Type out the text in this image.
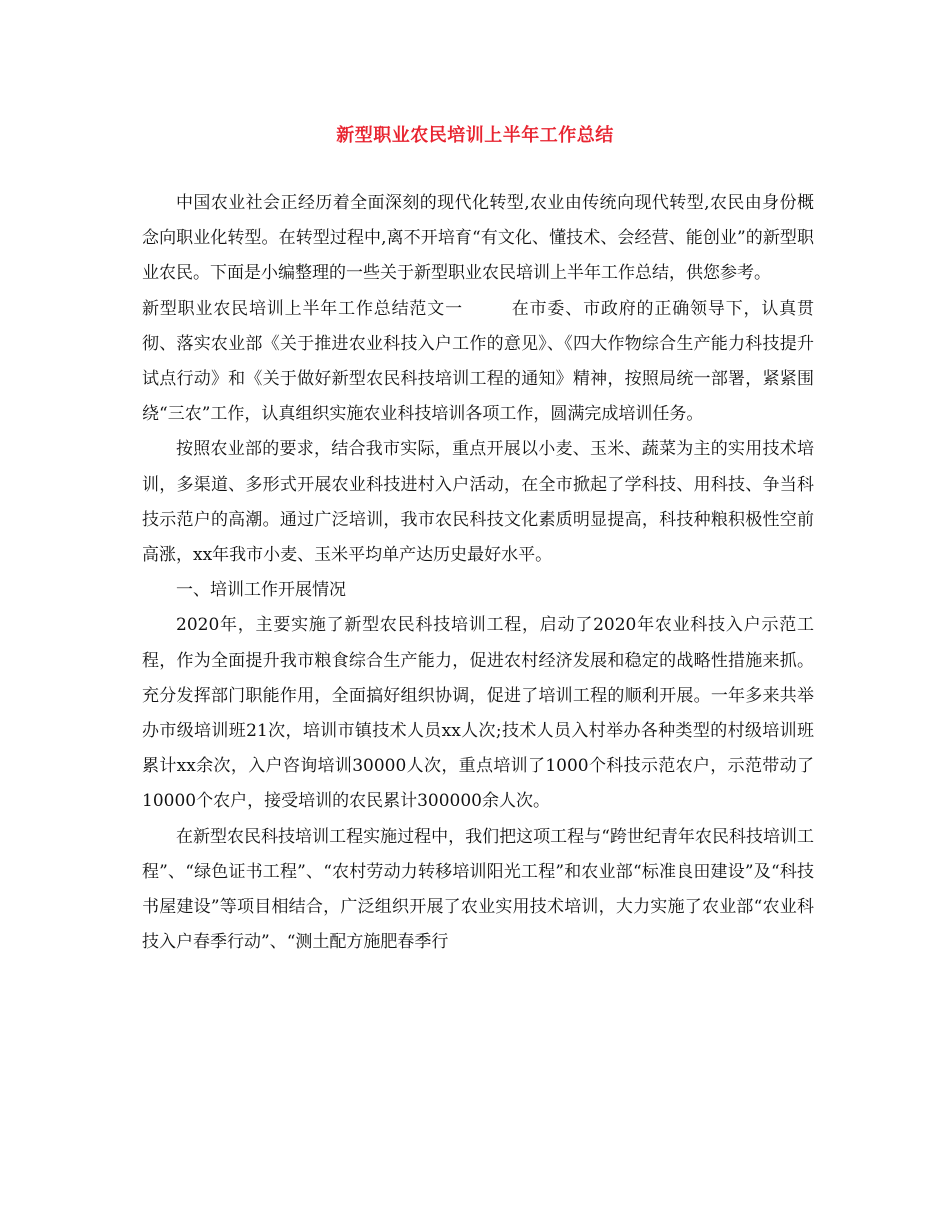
新型职业农民培训上半年工作总结

中国农业社会正经历着全面深刻的现代化转型,农业由传统向现代转型,农民由身份概念向职业化转型。在转型过程中,离不开培育“有文化、懂技术、会经营、能创业”的新型职业农民。下面是小编整理的一些关于新型职业农民培训上半年工作总结，供您参考。

新型职业农民培训上半年工作总结范文一	在市委、市政府的正确领导下，认真贯彻、落实农业部《关于推进农业科技入户工作的意见》、《四大作物综合生产能力科技提升试点行动》和《关于做好新型农民科技培训工程的通知》精神，按照局统一部署，紧紧围绕“三农”工作，认真组织实施农业科技培训各项工作，圆满完成培训任务。

按照农业部的要求，结合我市实际，重点开展以小麦、玉米、蔬菜为主的实用技术培训，多渠道、多形式开展农业科技进村入户活动，在全市掀起了学科技、用科技、争当科技示范户的高潮。通过广泛培训，我市农民科技文化素质明显提高，科技种粮积极性空前高涨，xx年我市小麦、玉米平均单产达历史最好水平。

一、培训工作开展情况

2020年，主要实施了新型农民科技培训工程，启动了2020年农业科技入户示范工程，作为全面提升我市粮食综合生产能力，促进农村经济发展和稳定的战略性措施来抓。充分发挥部门职能作用，全面搞好组织协调，促进了培训工程的顺利开展。一年多来共举办市级培训班21次，培训市镇技术人员xx人次;技术人员入村举办各种类型的村级培训班累计xx余次，入户咨询培训30000人次，重点培训了1000个科技示范农户，示范带动了10000个农户，接受培训的农民累计300000余人次。

在新型农民科技培训工程实施过程中，我们把这项工程与“跨世纪青年农民科技培训工程”、“绿色证书工程”、“农村劳动力转移培训阳光工程”和农业部“标准良田建设”及“科技书屋建设”等项目相结合，广泛组织开展了农业实用技术培训，大力实施了农业部“农业科技入户春季行动”、“测土配方施肥春季行
